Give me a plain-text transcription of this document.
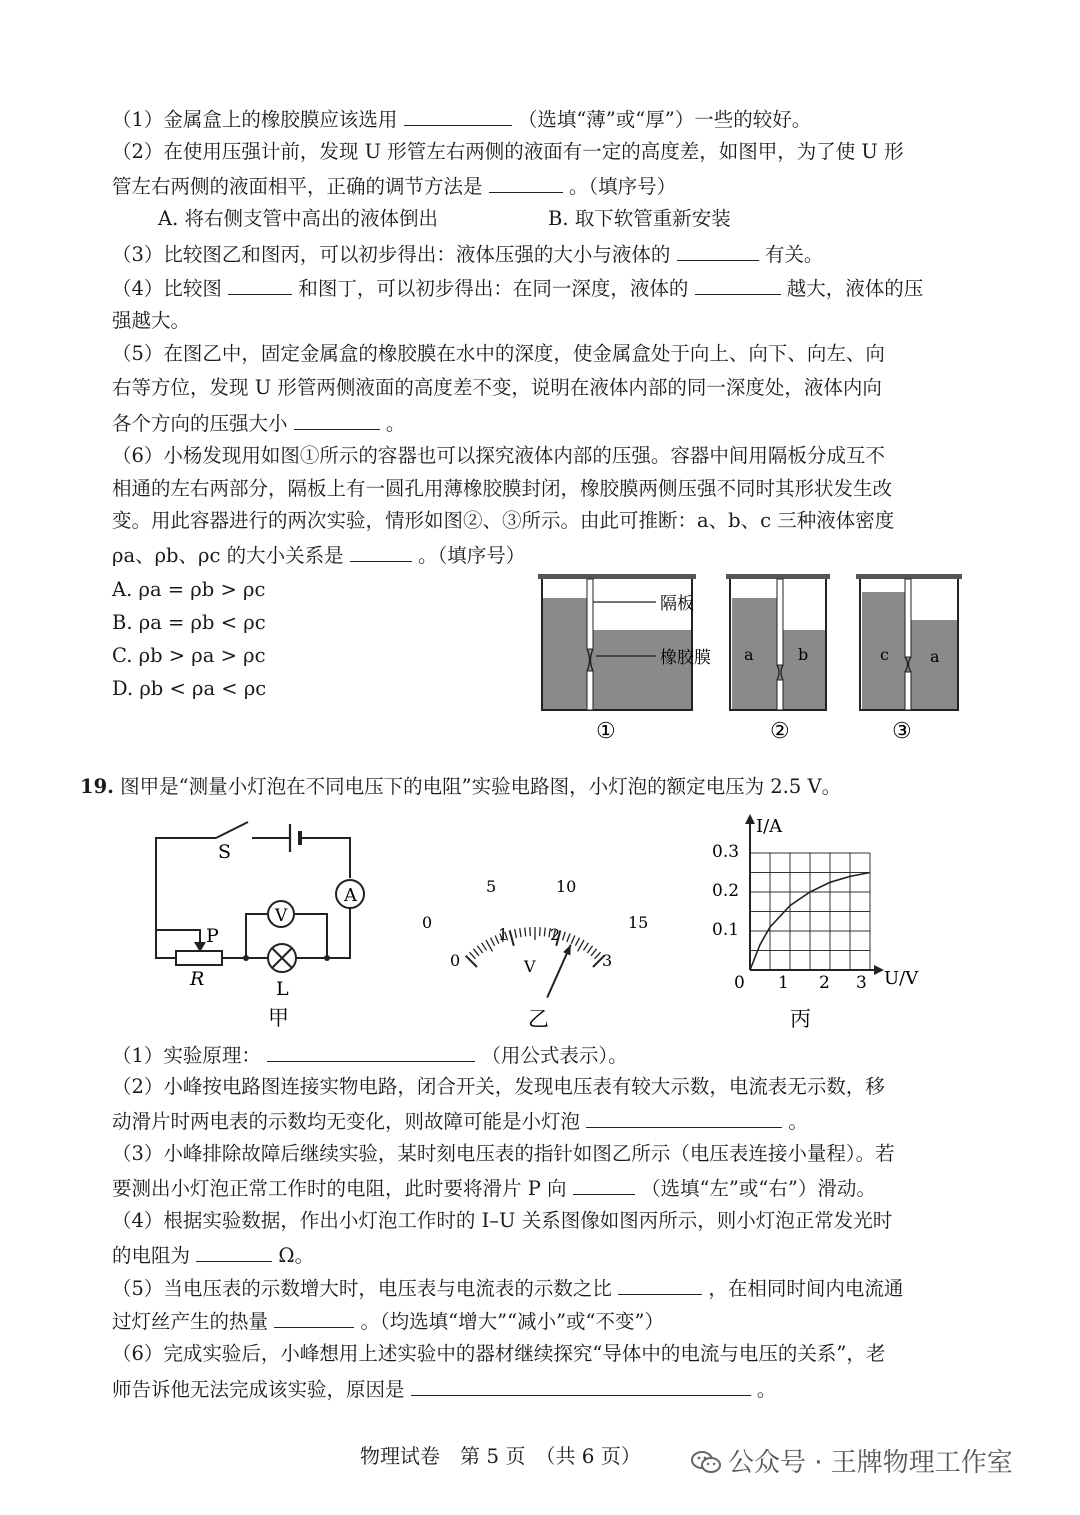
（1）金属盒上的橡胶膜应该选用	（选填“薄”或“厚”）一些的较好。
（2）在使用压强计前，发现 U 形管左右两侧的液面有一定的高度差，如图甲，为了使 U 形
管左右两侧的液面相平，正确的调节方法是	。（填序号）
A. 将右侧支管中高出的液体倒出	B. 取下软管重新安装
（3）比较图乙和图丙，可以初步得出：液体压强的大小与液体的	有关。
（4）比较图	和图丁，可以初步得出：在同一深度，液体的	越大，液体的压
强越大。
（5）在图乙中，固定金属盒的橡胶膜在水中的深度，使金属盒处于向上、向下、向左、向
右等方位，发现 U 形管两侧液面的高度差不变，说明在液体内部的同一深度处，液体内向
各个方向的压强大小	。
（6）小杨发现用如图①所示的容器也可以探究液体内部的压强。容器中间用隔板分成互不
相通的左右两部分，隔板上有一圆孔用薄橡胶膜封闭，橡胶膜两侧压强不同时其形状发生改
变。用此容器进行的两次实验，情形如图②、③所示。由此可推断：a、b、c 三种液体密度
ρa、ρb、ρc 的大小关系是	。（填序号）
A. ρa = ρb > ρc
B. ρa = ρb < ρc
C. ρb > ρa > ρc
D. ρb < ρa < ρc
隔板
橡胶膜 a	b	c	a
①	②	③
19. 图甲是“测量小灯泡在不同电压下的电阻”实验电路图，小灯泡的额定电压为 2.5 V。
S
A
V
P
R	L
甲
0
5	10
15
0
1	2
3
V
乙
I/A
U/V
0
0.1
0.2
0.3
1 2 3
丙
（1）实验原理：	（用公式表示）。
（2）小峰按电路图连接实物电路，闭合开关，发现电压表有较大示数，电流表无示数，移
动滑片时两电表的示数均无变化，则故障可能是小灯泡	。
（3）小峰排除故障后继续实验，某时刻电压表的指针如图乙所示（电压表连接小量程）。若
要测出小灯泡正常工作时的电阻，此时要将滑片 P 向	（选填“左”或“右”）滑动。
（4）根据实验数据，作出小灯泡工作时的 I–U 关系图像如图丙所示，则小灯泡正常发光时
的电阻为	Ω。
（5）当电压表的示数增大时，电压表与电流表的示数之比	，在相同时间内电流通
过灯丝产生的热量	。（均选填“增大”“减小”或“不变”）
（6）完成实验后，小峰想用上述实验中的器材继续探究“导体中的电流与电压的关系”，老
师告诉他无法完成该实验，原因是	。
物理试卷　第 5 页　（共 6 页）	公众号 · 王牌物理工作室
